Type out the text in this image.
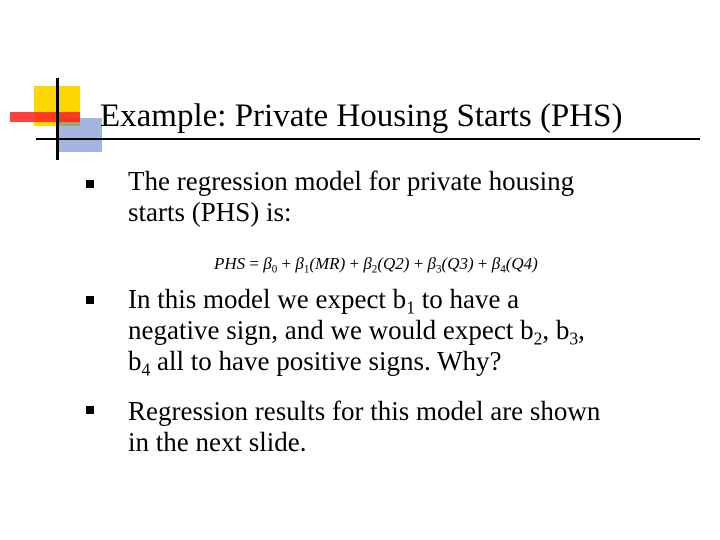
Example: Private Housing Starts (PHS)
The regression model for private housing
starts (PHS) is:
PHS = $\beta_0 + \beta_1(MR) + \beta_2(Q2) + \beta_3(Q3) + \beta_4(Q4)$
In this model we expect $b_1$ to have a
negative sign, and we would expect $b_2$, $b_3$,
$b_4$ all to have positive signs. Why?
Regression results for this model are shown
in the next slide.
